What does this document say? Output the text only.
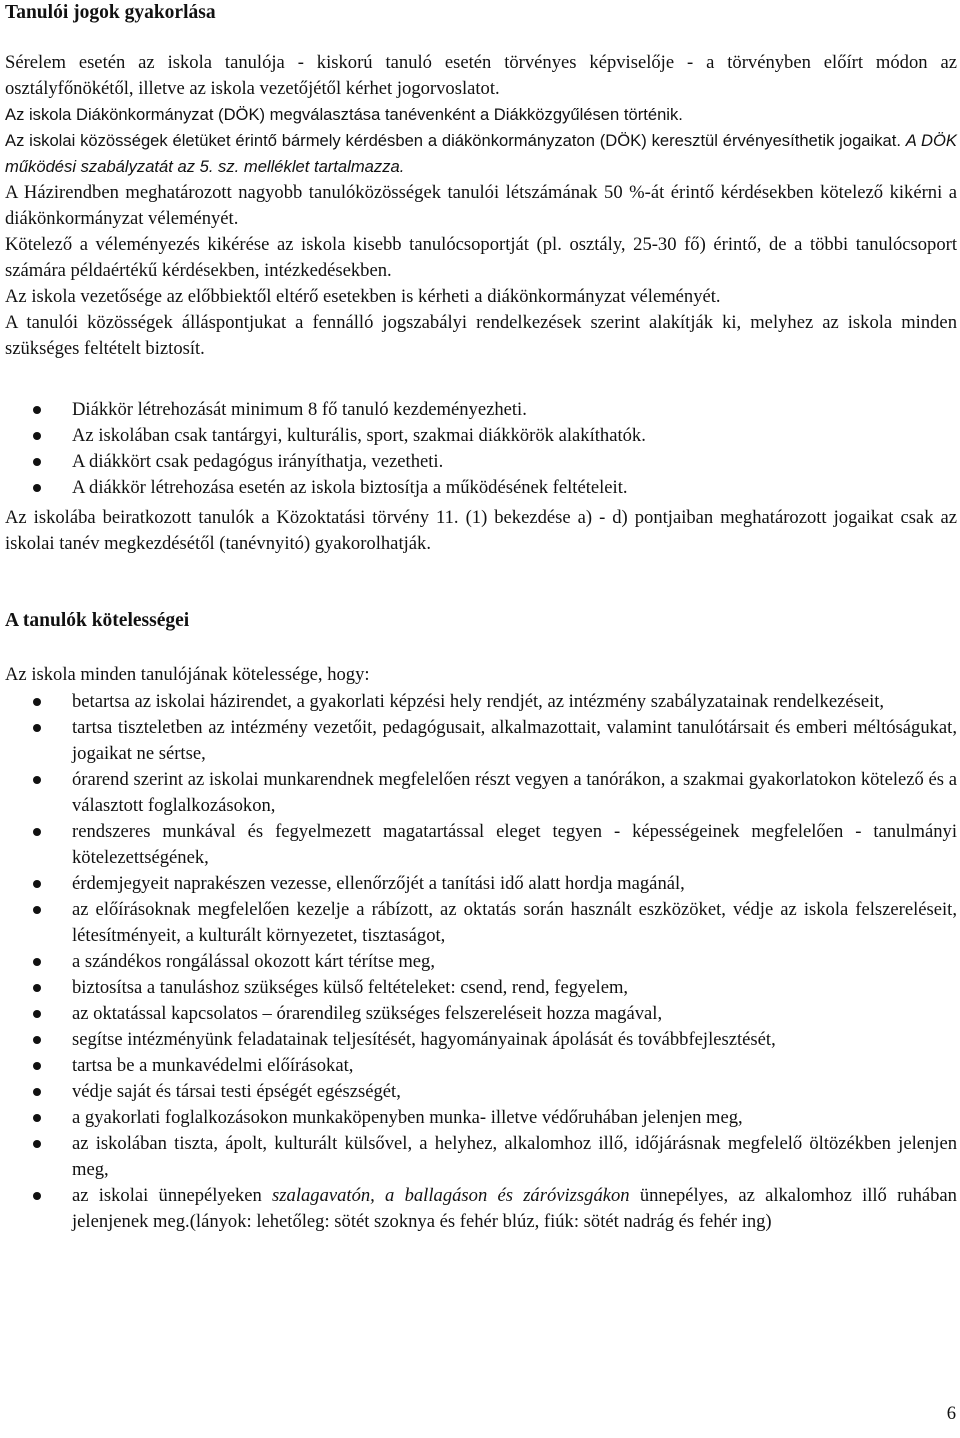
Tanulói jogok gyakorlása

Sérelem esetén az iskola tanulója - kiskorú tanuló esetén törvényes képviselője - a törvényben előírt módon az osztályfőnökétől, illetve az iskola vezetőjétől kérhet jogorvoslatot.

Az iskola Diákönkormányzat (DÖK) megválasztása tanévenként a Diákközgyűlésen történik.

Az iskolai közösségek életüket érintő bármely kérdésben a diákönkormányzaton (DÖK) keresztül érvényesíthetik jogaikat. A DÖK működési szabályzatát az 5. sz. melléklet tartalmazza.

A Házirendben meghatározott nagyobb tanulóközösségek tanulói létszámának 50 %-át érintő kérdésekben kötelező kikérni a diákönkormányzat véleményét.

Kötelező a véleményezés kikérése az iskola kisebb tanulócsoportját (pl. osztály, 25-30 fő) érintő, de a többi tanulócsoport számára példaértékű kérdésekben, intézkedésekben.

Az iskola vezetősége az előbbiektől eltérő esetekben is kérheti a diákönkormányzat véleményét.

A tanulói közösségek álláspontjukat a fennálló jogszabályi rendelkezések szerint alakítják ki, melyhez az iskola minden szükséges feltételt biztosít.

Diákkör létrehozását minimum 8 fő tanuló kezdeményezheti.
Az iskolában csak tantárgyi, kulturális, sport, szakmai diákkörök alakíthatók.
A diákkört csak pedagógus irányíthatja, vezetheti.
A diákkör létrehozása esetén az iskola biztosítja a működésének feltételeit.

Az iskolába beiratkozott tanulók a Közoktatási törvény 11. (1) bekezdése a) - d) pontjaiban meghatározott jogaikat csak az iskolai tanév megkezdésétől (tanévnyitó) gyakorolhatják.

A tanulók kötelességei

Az iskola minden tanulójának kötelessége, hogy:

betartsa az iskolai házirendet, a gyakorlati képzési hely rendjét, az intézmény szabályzatainak rendelkezéseit,
tartsa tiszteletben az intézmény vezetőit, pedagógusait, alkalmazottait, valamint tanulótársait és emberi méltóságukat, jogaikat ne sértse,
órarend szerint az iskolai munkarendnek megfelelően részt vegyen a tanórákon, a szakmai gyakorlatokon kötelező és a választott foglalkozásokon,
rendszeres munkával és fegyelmezett magatartással eleget tegyen - képességeinek megfelelően - tanulmányi kötelezettségének,
érdemjegyeit naprakészen vezesse, ellenőrzőjét a tanítási idő alatt hordja magánál,
az előírásoknak megfelelően kezelje a rábízott, az oktatás során használt eszközöket, védje az iskola felszereléseit, létesítményeit, a kulturált környezetet, tisztaságot,
a szándékos rongálással okozott kárt térítse meg,
biztosítsa a tanuláshoz szükséges külső feltételeket: csend, rend, fegyelem,
az oktatással kapcsolatos – órarendileg szükséges felszereléseit hozza magával,
segítse intézményünk feladatainak teljesítését, hagyományainak ápolását és továbbfejlesztését,
tartsa be a munkavédelmi előírásokat,
védje saját és társai testi épségét egészségét,
a gyakorlati foglalkozásokon munkaköpenyben munka- illetve védőruhában jelenjen meg,
az iskolában tiszta, ápolt, kulturált külsővel, a helyhez, alkalomhoz illő, időjárásnak megfelelő öltözékben jelenjen meg,
az iskolai ünnepélyeken szalagavatón, a ballagáson és záróvizsgákon ünnepélyes, az alkalomhoz illő ruhában jelenjenek meg.(lányok: lehetőleg: sötét szoknya és fehér blúz, fiúk: sötét nadrág és fehér ing)
6
